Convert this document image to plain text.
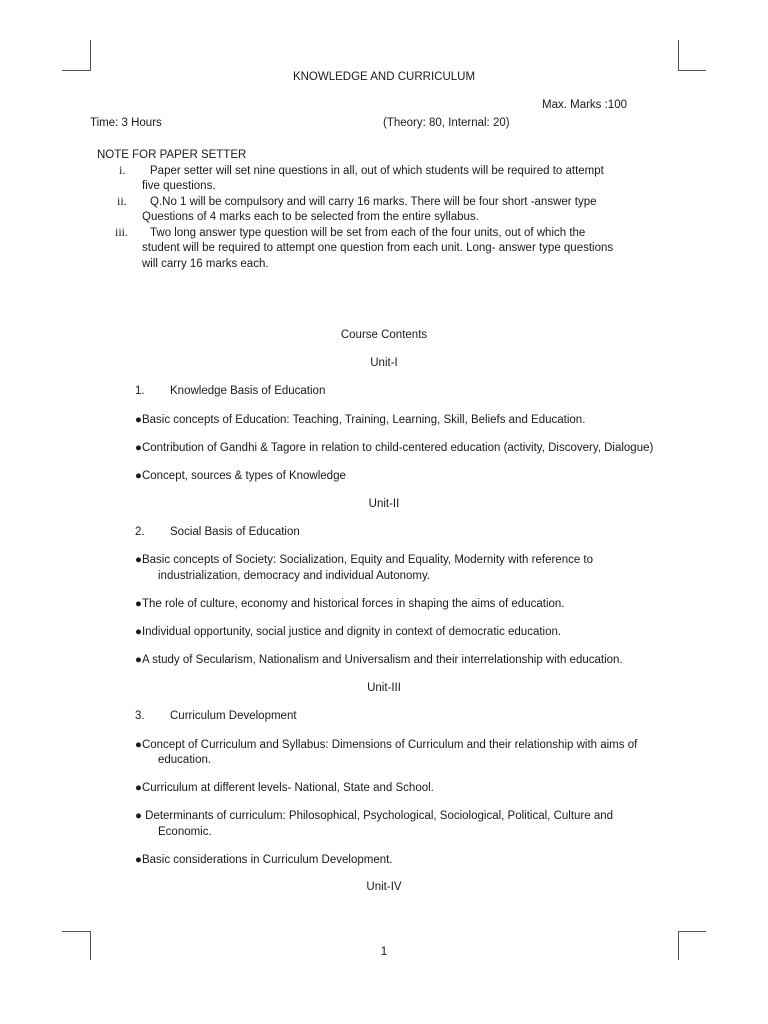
KNOWLEDGE AND CURRICULUM
Max. Marks :100
Time: 3 Hours	(Theory: 80, Internal: 20)
NOTE FOR PAPER SETTER
i. Paper setter will set nine questions in all, out of which students will be required to attempt
five questions.
ii. Q.No 1 will be compulsory and will carry 16 marks. There will be four short -answer type
Questions of 4 marks each to be selected from the entire syllabus.
iii. Two long answer type question will be set from each of the four units, out of which the
student will be required to attempt one question from each unit. Long- answer type questions
will carry 16 marks each.
Course Contents
Unit-I
1. Knowledge Basis of Education
●Basic concepts of Education: Teaching, Training, Learning, Skill, Beliefs and Education.
●Contribution of Gandhi & Tagore in relation to child-centered education (activity, Discovery, Dialogue)
●Concept, sources & types of Knowledge
Unit-II
2. Social Basis of Education
●Basic concepts of Society: Socialization, Equity and Equality, Modernity with reference to
industrialization, democracy and individual Autonomy.
●The role of culture, economy and historical forces in shaping the aims of education.
●Individual opportunity, social justice and dignity in context of democratic education.
●A study of Secularism, Nationalism and Universalism and their interrelationship with education.
Unit-III
3. Curriculum Development
●Concept of Curriculum and Syllabus: Dimensions of Curriculum and their relationship with aims of
education.
●Curriculum at different levels- National, State and School.
● Determinants of curriculum: Philosophical, Psychological, Sociological, Political, Culture and
Economic.
●Basic considerations in Curriculum Development.
Unit-IV
1
